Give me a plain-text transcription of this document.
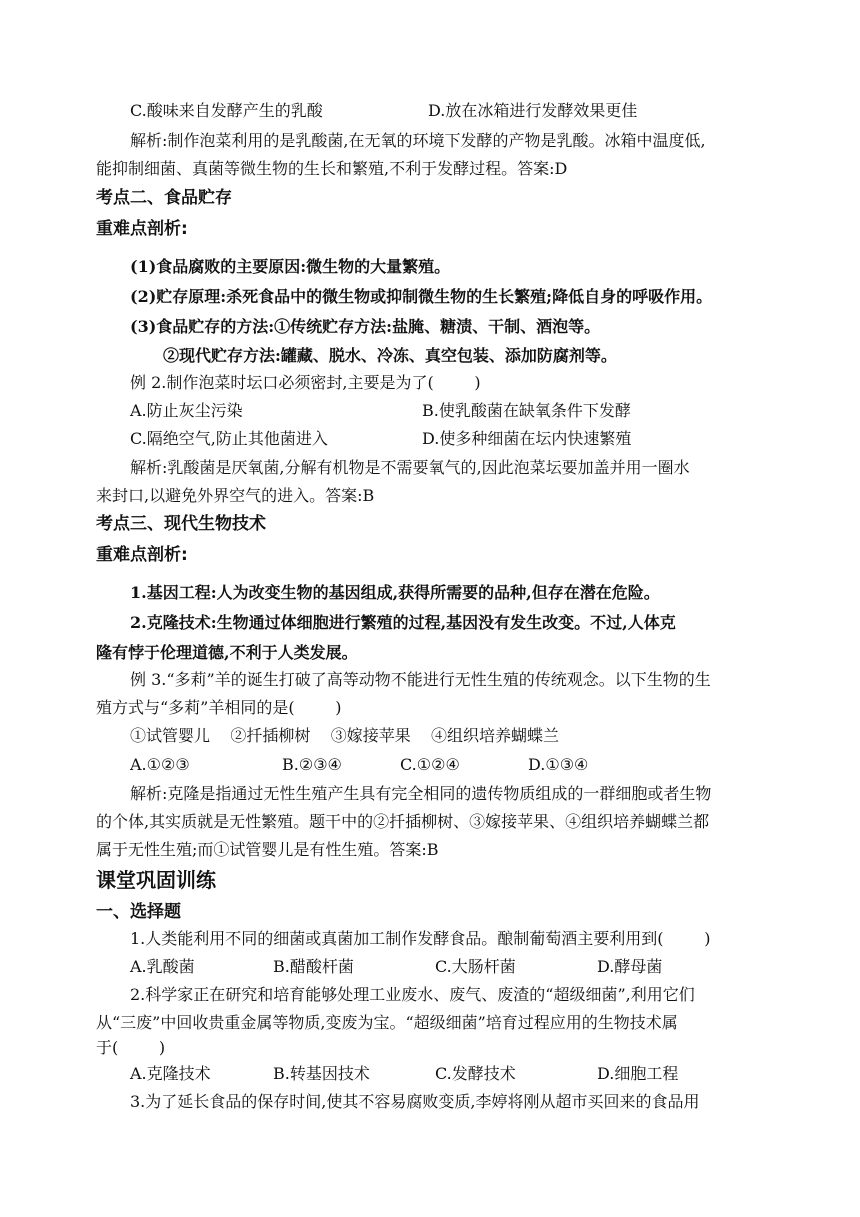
C.酸味来自发酵产生的乳酸	D.放在冰箱进行发酵效果更佳
解析:制作泡菜利用的是乳酸菌,在无氧的环境下发酵的产物是乳酸。冰箱中温度低,
能抑制细菌、真菌等微生物的生长和繁殖,不利于发酵过程。答案:D
考点二、食品贮存
重难点剖析:
(1)食品腐败的主要原因:微生物的大量繁殖。
(2)贮存原理:杀死食品中的微生物或抑制微生物的生长繁殖;降低自身的呼吸作用。
(3)食品贮存的方法:①传统贮存方法:盐腌、糖渍、干制、酒泡等。
②现代贮存方法:罐藏、脱水、冷冻、真空包装、添加防腐剂等。
例 2.制作泡菜时坛口必须密封,主要是为了(        )
A.防止灰尘污染	B.使乳酸菌在缺氧条件下发酵
C.隔绝空气,防止其他菌进入	D.使多种细菌在坛内快速繁殖
解析:乳酸菌是厌氧菌,分解有机物是不需要氧气的,因此泡菜坛要加盖并用一圈水
来封口,以避免外界空气的进入。答案:B
考点三、现代生物技术
重难点剖析:
1.基因工程:人为改变生物的基因组成,获得所需要的品种,但存在潜在危险。
2.克隆技术:生物通过体细胞进行繁殖的过程,基因没有发生改变。不过,人体克
隆有悖于伦理道德,不利于人类发展。
例 3.“多莉”羊的诞生打破了高等动物不能进行无性生殖的传统观念。以下生物的生
殖方式与“多莉”羊相同的是(        )
①试管婴儿    ②扦插柳树    ③嫁接苹果    ④组织培养蝴蝶兰
A.①②③	B.②③④	C.①②④	D.①③④
解析:克隆是指通过无性生殖产生具有完全相同的遗传物质组成的一群细胞或者生物
的个体,其实质就是无性繁殖。题干中的②扦插柳树、③嫁接苹果、④组织培养蝴蝶兰都
属于无性生殖;而①试管婴儿是有性生殖。答案:B
课堂巩固训练
一、选择题
1.人类能利用不同的细菌或真菌加工制作发酵食品。酿制葡萄酒主要利用到(        )
A.乳酸菌	B.醋酸杆菌	C.大肠杆菌	D.酵母菌
2.科学家正在研究和培育能够处理工业废水、废气、废渣的“超级细菌”,利用它们
从“三废”中回收贵重金属等物质,变废为宝。“超级细菌”培育过程应用的生物技术属
于(        )
A.克隆技术	B.转基因技术	C.发酵技术	D.细胞工程
3.为了延长食品的保存时间,使其不容易腐败变质,李婷将刚从超市买回来的食品用
